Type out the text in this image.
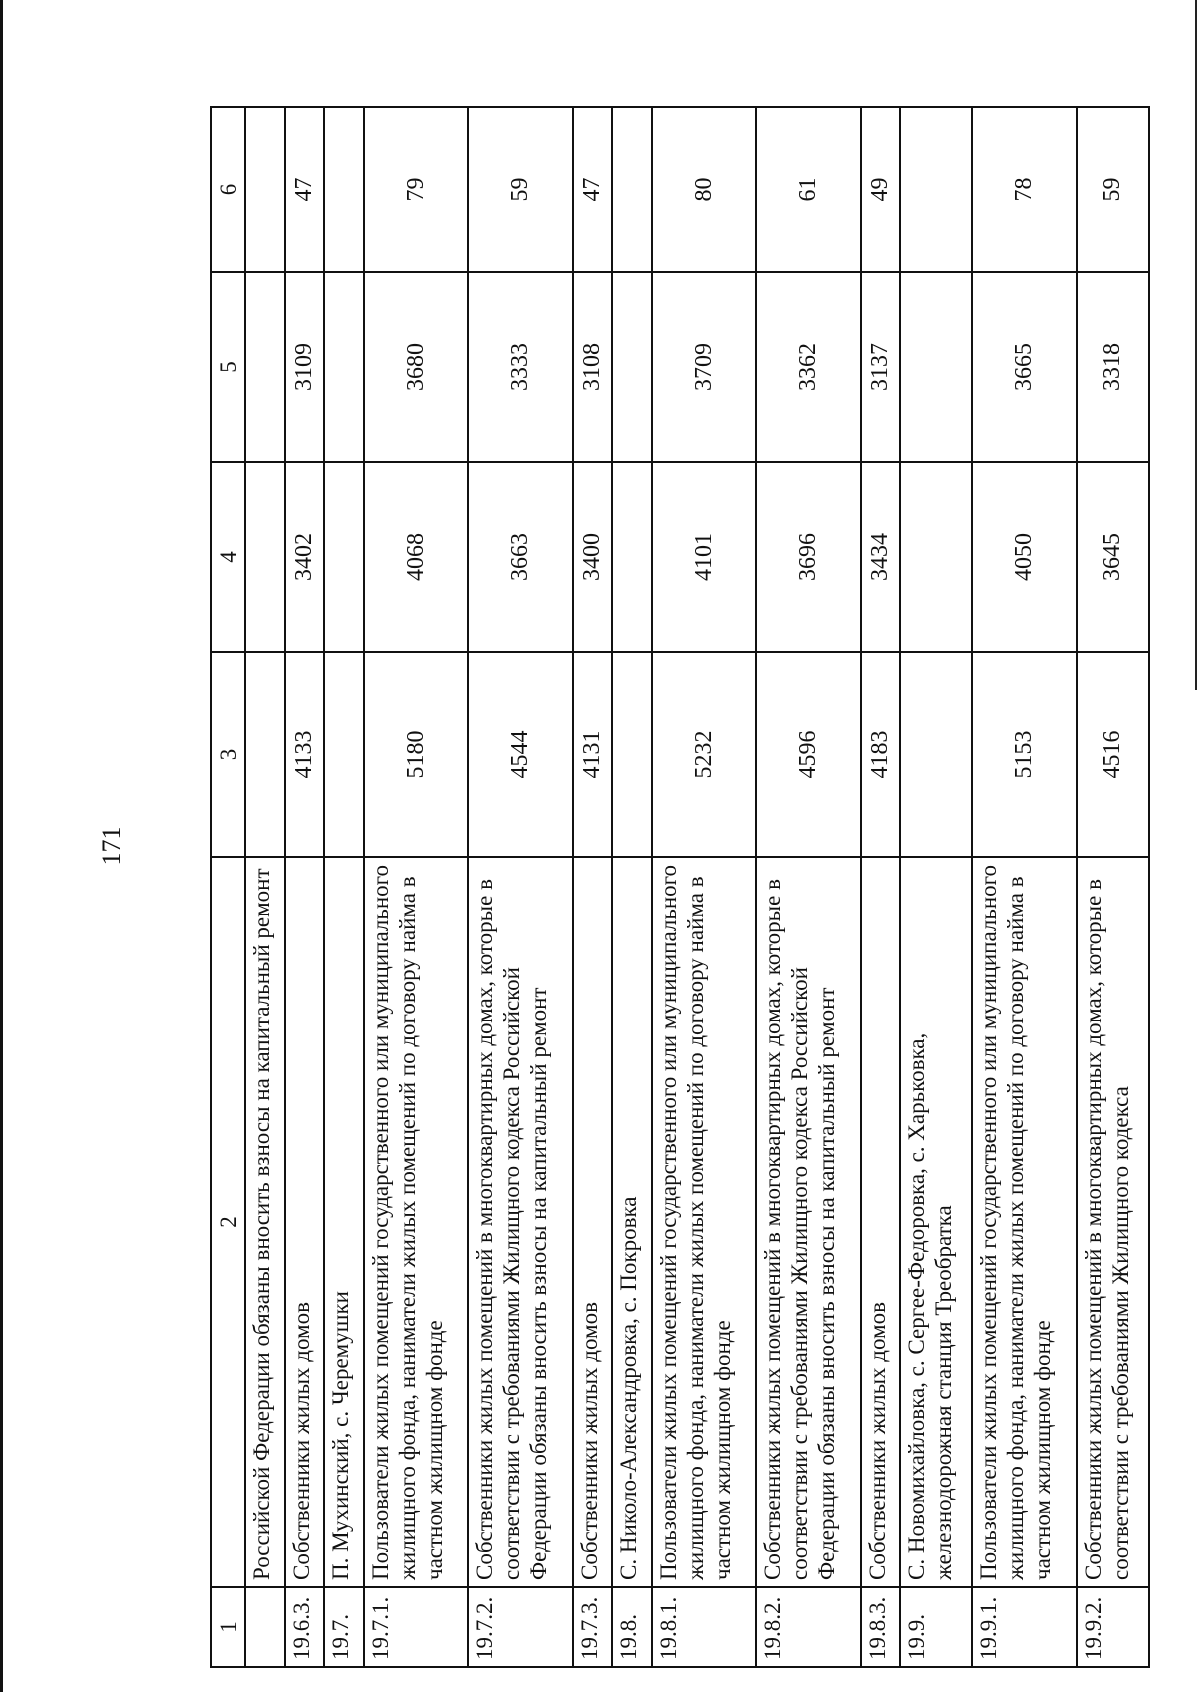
171
1	2	3	4	5	6
	Российской Федерации обязаны вносить взносы на капитальный ремонт				
19.6.3.	Собственники жилых домов	4133	3402	3109	47
19.7.	П. Мухинский, с. Черемушки				
19.7.1.	Пользователи жилых помещений государственного или муниципального жилищного фонда, наниматели жилых помещений по договору найма в частном жилищном фонде	5180	4068	3680	79
19.7.2.	Собственники жилых помещений в многоквартирных домах, которые в соответствии с требованиями Жилищного кодекса Российской Федерации обязаны вносить взносы на капитальный ремонт	4544	3663	3333	59
19.7.3.	Собственники жилых домов	4131	3400	3108	47
19.8.	С. Николо-Александровка, с. Покровка				
19.8.1.	Пользователи жилых помещений государственного или муниципального жилищного фонда, наниматели жилых помещений по договору найма в частном жилищном фонде	5232	4101	3709	80
19.8.2.	Собственники жилых помещений в многоквартирных домах, которые в соответствии с требованиями Жилищного кодекса Российской Федерации обязаны вносить взносы на капитальный ремонт	4596	3696	3362	61
19.8.3.	Собственники жилых домов	4183	3434	3137	49
19.9.	С. Новомихайловка, с. Сергее-Федоровка, с. Харьковка, железнодорожная станция Треобратка				
19.9.1.	Пользователи жилых помещений государственного или муниципального жилищного фонда, наниматели жилых помещений по договору найма в частном жилищном фонде	5153	4050	3665	78
19.9.2.	Собственники жилых помещений в многоквартирных домах, которые в соответствии с требованиями Жилищного кодекса	4516	3645	3318	59
